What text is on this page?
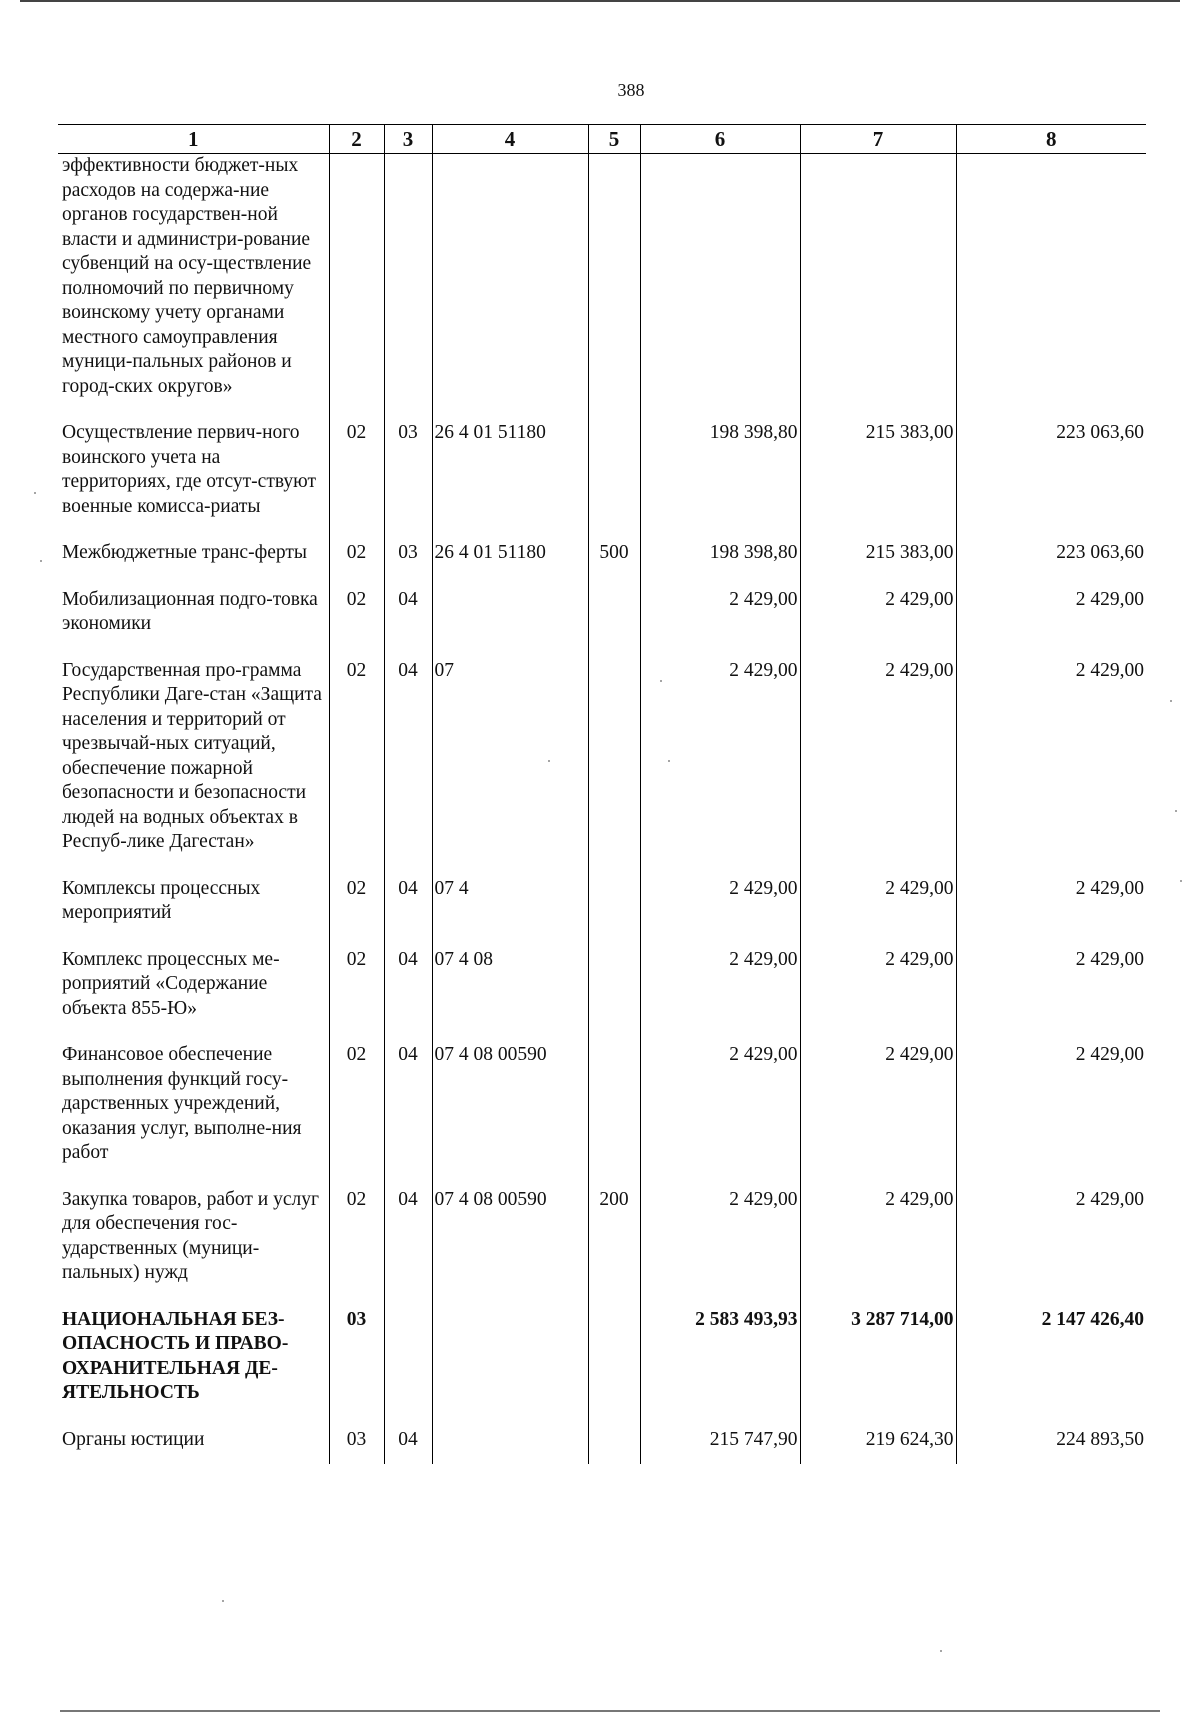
388
1	2	3	4	5	6	7	8
эффективности бюджет-ных расходов на содержа-ние органов государствен-ной власти и администри-рование субвенций на осу-ществление полномочий по первичному воинскому учету органами местного самоуправления муници-пальных районов и город-ских округов»							
Осуществление первич-ного воинского учета на территориях, где отсут-ствуют военные комисса-риаты	02	03	26 4 01 51180		198 398,80	215 383,00	223 063,60
Межбюджетные транс-ферты	02	03	26 4 01 51180	500	198 398,80	215 383,00	223 063,60
Мобилизационная подго-товка экономики	02	04			2 429,00	2 429,00	2 429,00
Государственная про-грамма Республики Даге-стан «Защита населения и территорий от чрезвычай-ных ситуаций, обеспечение пожарной безопасности и безопасности людей на водных объектах в Респуб-лике Дагестан»	02	04	07		2 429,00	2 429,00	2 429,00
Комплексы процессных мероприятий	02	04	07 4		2 429,00	2 429,00	2 429,00
Комплекс процессных ме-роприятий «Содержание объекта 855-Ю»	02	04	07 4 08		2 429,00	2 429,00	2 429,00
Финансовое обеспечение выполнения функций госу-дарственных учреждений, оказания услуг, выполне-ния работ	02	04	07 4 08 00590		2 429,00	2 429,00	2 429,00
Закупка товаров, работ и услуг для обеспечения гос-ударственных (муници-пальных) нужд	02	04	07 4 08 00590	200	2 429,00	2 429,00	2 429,00
НАЦИОНАЛЬНАЯ БЕЗ-ОПАСНОСТЬ И ПРАВО-ОХРАНИТЕЛЬНАЯ ДЕ-ЯТЕЛЬНОСТЬ	03				2 583 493,93	3 287 714,00	2 147 426,40
Органы юстиции	03	04			215 747,90	219 624,30	224 893,50
